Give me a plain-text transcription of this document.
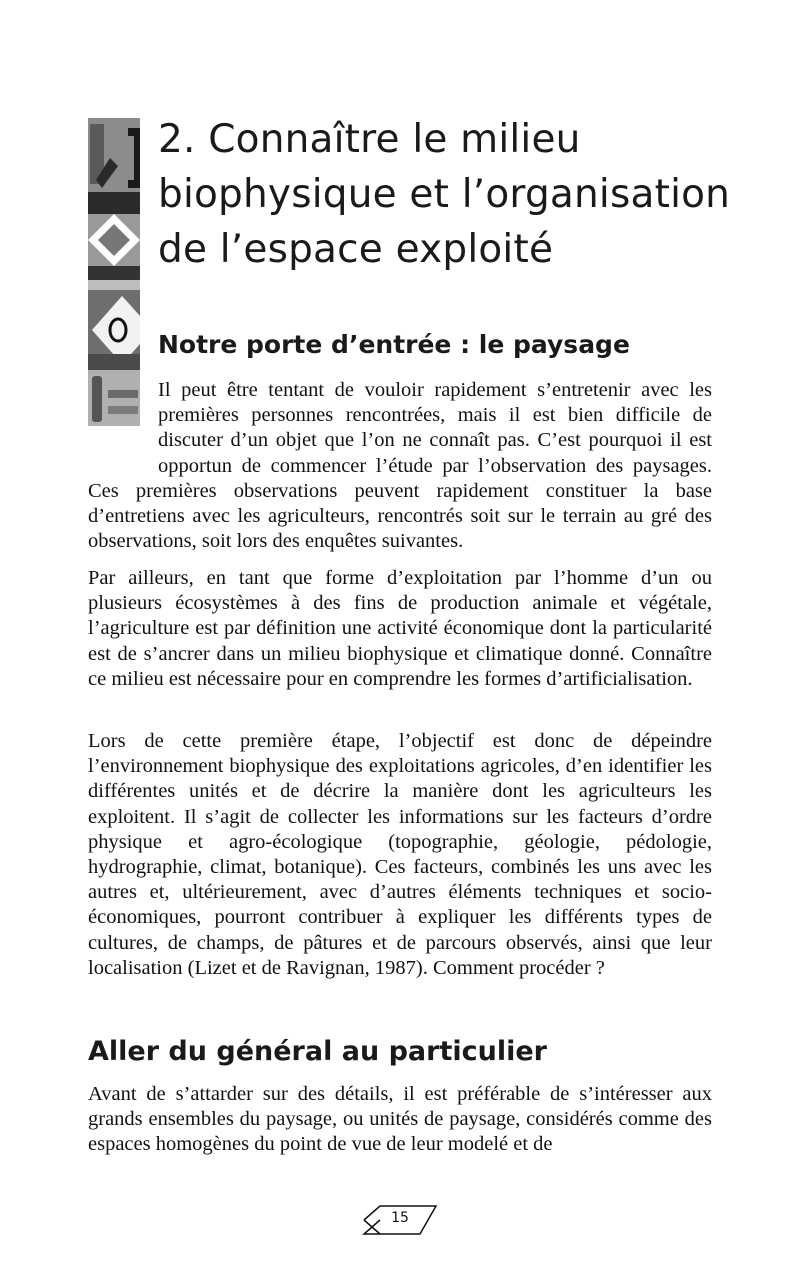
2. Connaître le milieu biophysique et l’organisation de l’espace exploité
Notre porte d’entrée : le paysage

Il peut être tentant de vouloir rapidement s’entretenir avec les premières personnes rencontrées, mais il est bien difficile de discuter d’un objet que l’on ne connaît pas. C’est pourquoi il est opportun de commencer l’étude par l’observation des paysages. Ces premières observations peuvent rapidement constituer la base d’entretiens avec les agriculteurs, rencontrés soit sur le terrain au gré des observations, soit lors des enquêtes suivantes.

Par ailleurs, en tant que forme d’exploitation par l’homme d’un ou plusieurs écosystèmes à des fins de production animale et végétale, l’agriculture est par définition une activité économique dont la particularité est de s’ancrer dans un milieu biophysique et climatique donné. Connaître ce milieu est nécessaire pour en comprendre les formes d’artificialisation.

Lors de cette première étape, l’objectif est donc de dépeindre l’environnement biophysique des exploitations agricoles, d’en identifier les différentes unités et de décrire la manière dont les agriculteurs les exploitent. Il s’agit de collecter les informations sur les facteurs d’ordre physique et agro-écologique (topographie, géologie, pédologie, hydrographie, climat, botanique). Ces facteurs, combinés les uns avec les autres et, ultérieurement, avec d’autres éléments techniques et socio-économiques, pourront contribuer à expliquer les différents types de cultures, de champs, de pâtures et de parcours observés, ainsi que leur localisation (Lizet et de Ravignan, 1987). Comment procéder ?

Aller du général au particulier

Avant de s’attarder sur des détails, il est préférable de s’intéresser aux grands ensembles du paysage, ou unités de paysage, considérés comme des espaces homogènes du point de vue de leur modelé et de

15
